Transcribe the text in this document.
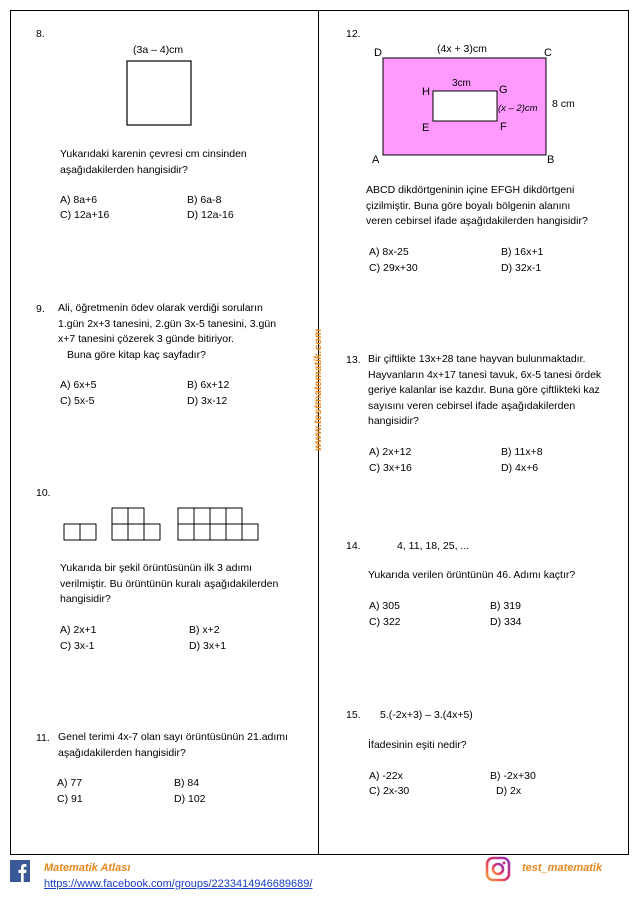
8.
(3a – 4)cm
Yukarıdaki karenin çevresi cm cinsinden
aşağıdakilerden hangisidir?
A) 8a+6	B) 6a-8
C) 12a+16	D) 12a-16
9. Ali, öğretmenin ödev olarak verdiği soruların
1.gün 2x+3 tanesini, 2.gün 3x-5 tanesini, 3.gün
x+7 tanesini çözerek 3 günde bitiriyor.
Buna göre kitap kaç sayfadır?
A) 6x+5	B) 6x+12
C) 5x-5	D) 3x-12
10.
Yukarıda bir şekil örüntüsünün ilk 3 adımı
verilmiştir. Bu örüntünün kuralı aşağıdakilerden
hangisidir?
A) 2x+1	B) x+2
C) 3x-1	D) 3x+1
11. Genel terimi 4x-7 olan sayı örüntüsünün 21.adımı
aşağıdakilerden hangisidir?
A) 77	B) 84
C) 91	D) 102
www.testmatematik.com
12.
(4x + 3)cm
D	C
A	B
3cm
H	G
E	F
(x – 2)cm 8 cm
ABCD dikdörtgeninin içine EFGH dikdörtgeni
çizilmiştir. Buna göre boyalı bölgenin alanını
veren cebirsel ifade aşağıdakilerden hangisidir?
A) 8x-25	B) 16x+1
C) 29x+30	D) 32x-1
13. Bir çiftlikte 13x+28 tane hayvan bulunmaktadır.
Hayvanların 4x+17 tanesi tavuk, 6x-5 tanesi ördek
geriye kalanlar ise kazdır. Buna göre çiftlikteki kaz
sayısını veren cebirsel ifade aşağıdakilerden
hangisidir?
A) 2x+12	B) 11x+8
C) 3x+16	D) 4x+6
14.	4, 11, 18, 25, ...
Yukarıda verilen örüntünün 46. Adımı kaçtır?
A) 305	B) 319
C) 322	D) 334
15. 5.(-2x+3) – 3.(4x+5)
İfadesinin eşiti nedir?
A) -22x	B) -2x+30
C) 2x-30	D) 2x
Matematik Atlası
https://www.facebook.com/groups/2233414946689689/
test_matematik
